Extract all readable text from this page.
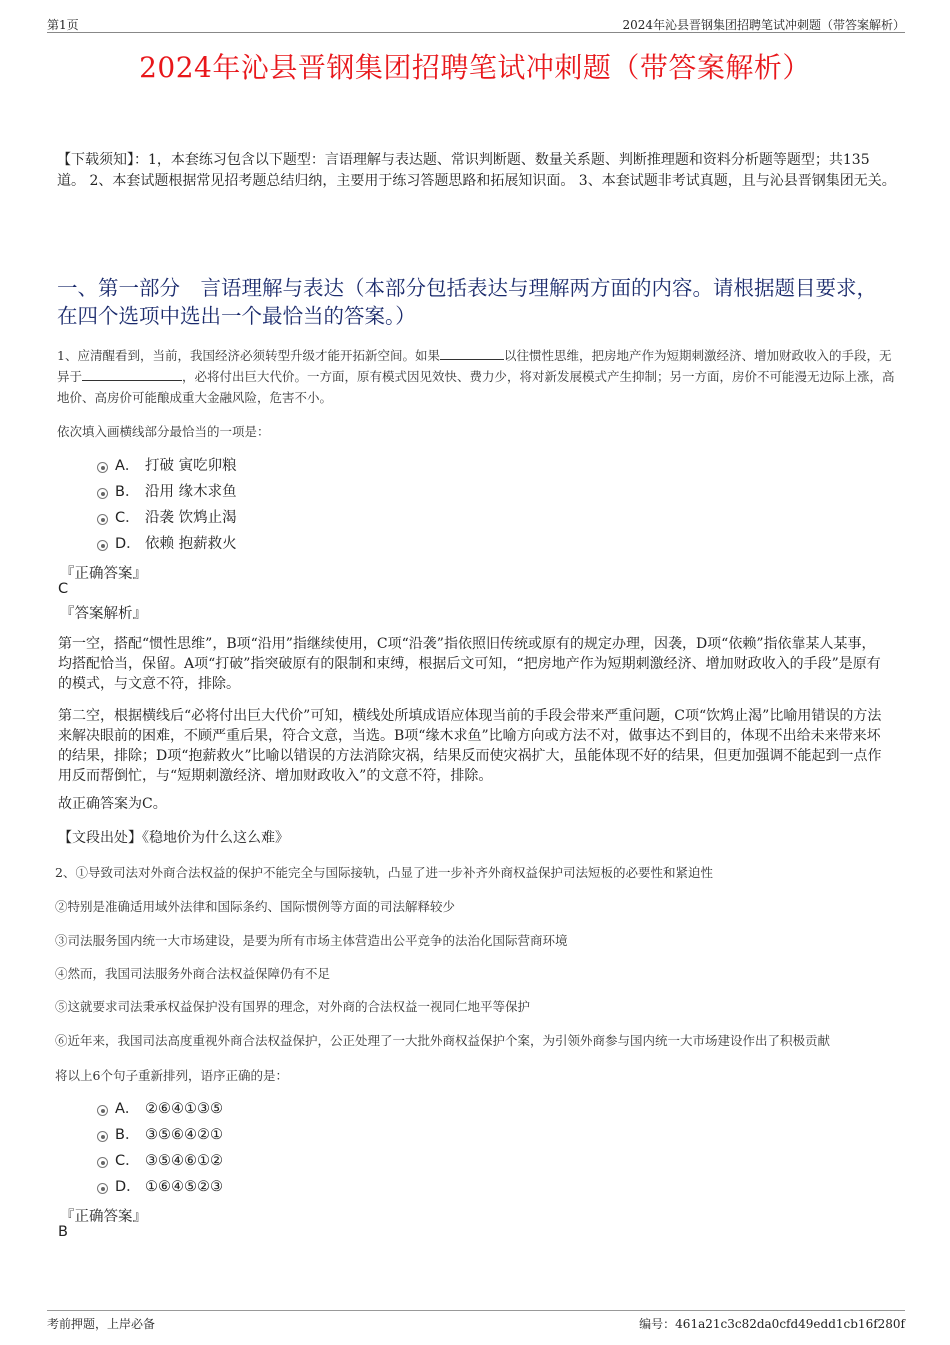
第1页	2024年沁县晋钢集团招聘笔试冲刺题（带答案解析）
2024年沁县晋钢集团招聘笔试冲刺题（带答案解析）
【下载须知】：1，本套练习包含以下题型：言语理解与表达题、常识判断题、数量关系题、判断推理题和资料分析题等题型；共135道。 2、本套试题根据常见招考题总结归纳，主要用于练习答题思路和拓展知识面。 3、本套试题非考试真题，且与沁县晋钢集团无关。
一、第一部分　言语理解与表达（本部分包括表达与理解两方面的内容。请根据题目要求，在四个选项中选出一个最恰当的答案。）
1、应清醒看到，当前，我国经济必须转型升级才能开拓新空间。如果	以往惯性思维，把房地产作为短期刺激经济、增加财政收入的手段，无异于	，必将付出巨大代价。一方面，原有模式因见效快、费力少，将对新发展模式产生抑制；另一方面，房价不可能漫无边际上涨，高地价、高房价可能酿成重大金融风险，危害不小。
依次填入画横线部分最恰当的一项是：
A． 打破 寅吃卯粮
B． 沿用 缘木求鱼
C． 沿袭 饮鸩止渴
D． 依赖 抱薪救火
『正确答案』
C
『答案解析』
第一空，搭配“惯性思维”，B项“沿用”指继续使用，C项“沿袭”指依照旧传统或原有的规定办理，因袭，D项“依赖”指依靠某人某事，均搭配恰当，保留。A项“打破”指突破原有的限制和束缚，根据后文可知，“把房地产作为短期刺激经济、增加财政收入的手段”是原有的模式，与文意不符，排除。
第二空，根据横线后“必将付出巨大代价”可知，横线处所填成语应体现当前的手段会带来严重问题，C项“饮鸩止渴”比喻用错误的方法来解决眼前的困难，不顾严重后果，符合文意，当选。B项“缘木求鱼”比喻方向或方法不对，做事达不到目的，体现不出给未来带来坏的结果，排除；D项“抱薪救火”比喻以错误的方法消除灾祸，结果反而使灾祸扩大，虽能体现不好的结果，但更加强调不能起到一点作用反而帮倒忙，与“短期刺激经济、增加财政收入”的文意不符，排除。
故正确答案为C。
【文段出处】《稳地价为什么这么难》
2、①导致司法对外商合法权益的保护不能完全与国际接轨，凸显了进一步补齐外商权益保护司法短板的必要性和紧迫性
②特别是准确适用域外法律和国际条约、国际惯例等方面的司法解释较少
③司法服务国内统一大市场建设，是要为所有市场主体营造出公平竞争的法治化国际营商环境
④然而，我国司法服务外商合法权益保障仍有不足
⑤这就要求司法秉承权益保护没有国界的理念，对外商的合法权益一视同仁地平等保护
⑥近年来，我国司法高度重视外商合法权益保护，公正处理了一大批外商权益保护个案，为引领外商参与国内统一大市场建设作出了积极贡献
将以上6个句子重新排列，语序正确的是：
A． ②⑥④①③⑤
B． ③⑤⑥④②①
C． ③⑤④⑥①②
D． ①⑥④⑤②③
『正确答案』
B
考前押题，上岸必备	编号：461a21c3c82da0cfd49edd1cb16f280f
